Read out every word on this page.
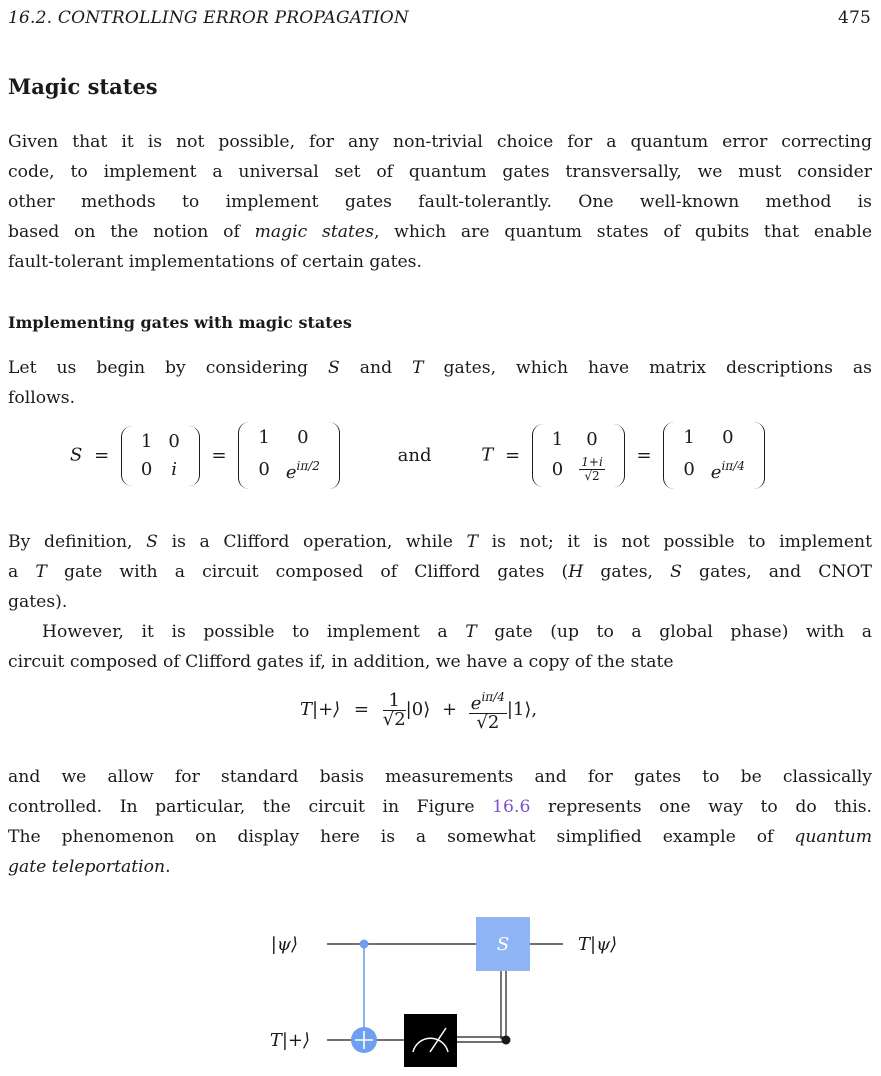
16.2. CONTROLLING ERROR PROPAGATION	475
Magic states
Given that it is not possible, for any non-trivial choice for a quantum error correcting
code, to implement a universal set of quantum gates transversally, we must consider
other methods to implement gates fault-tolerantly. One well-known method is
based on the notion of magic states, which are quantum states of qubits that enable
fault-tolerant implementations of certain gates.
Implementing gates with magic states
Let us begin by considering S and T gates, which have matrix descriptions as
follows.
S =
1	0
0	i
=
1	0
0	$e^{i\pi/2}$
and	T =
1	0
0	$\frac{1+i}{√2}$
=
1	0
0	$e^{i\pi/4}$
By definition, S is a Clifford operation, while T is not; it is not possible to implement
a T gate with a circuit composed of Clifford gates (H gates, S gates, and CNOT
gates).
However, it is possible to implement a T gate (up to a global phase) with a
circuit composed of Clifford gates if, in addition, we have a copy of the state
T|+⟩ = $\frac{1}{√2}$ |0⟩ + $\frac{e^{i\pi/4}}{√2}$ |1⟩,
and we allow for standard basis measurements and for gates to be classically
controlled. In particular, the circuit in Figure 16.6 represents one way to do this.
The phenomenon on display here is a somewhat simplified example of quantum
gate teleportation.
S
|ψ⟩
T|+⟩
T|ψ⟩
